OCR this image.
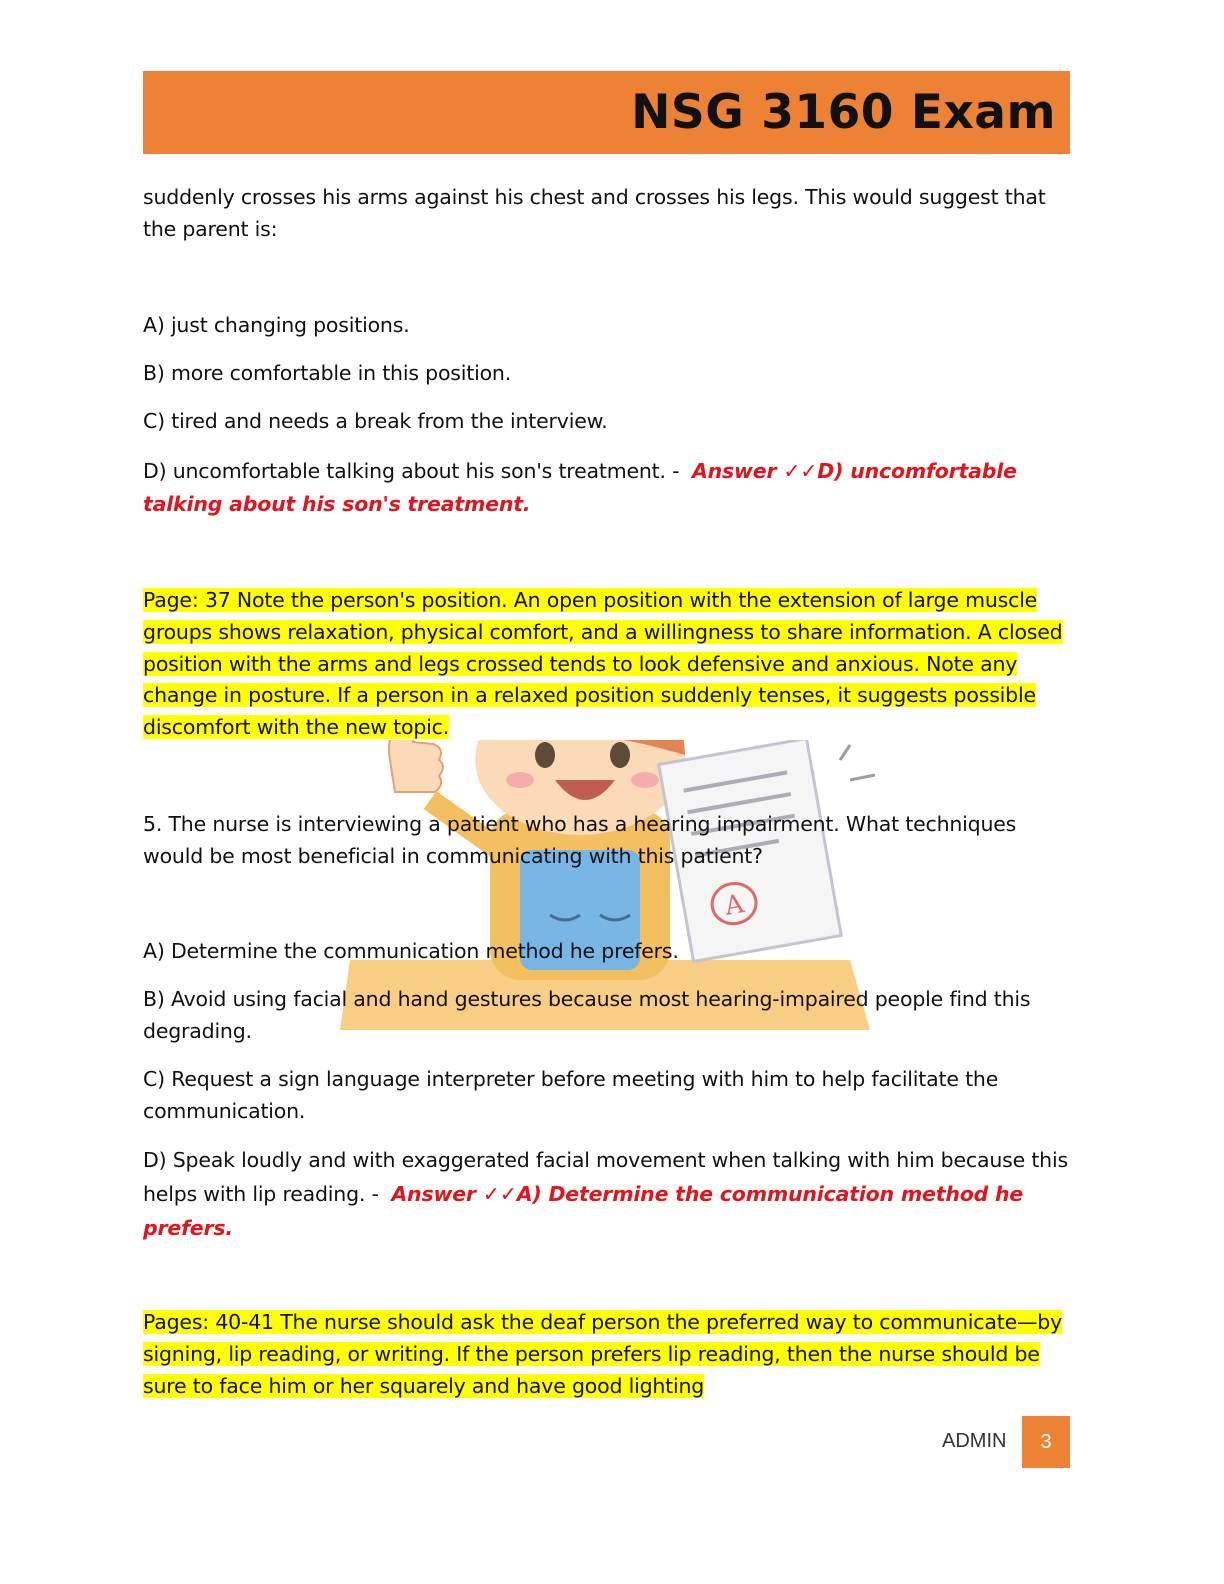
NSG 3160 Exam
A
suddenly crosses his arms against his chest and crosses his legs. This would suggest that the parent is:
A) just changing positions.
B) more comfortable in this position.
C) tired and needs a break from the interview.
D) uncomfortable talking about his son's treatment. - Answer ✓✓D) uncomfortable talking about his son's treatment.
Page: 37 Note the person's position. An open position with the extension of large muscle groups shows relaxation, physical comfort, and a willingness to share information. A closed position with the arms and legs crossed tends to look defensive and anxious. Note any change in posture. If a person in a relaxed position suddenly tenses, it suggests possible discomfort with the new topic.
5. The nurse is interviewing a patient who has a hearing impairment. What techniques would be most beneficial in communicating with this patient?
A) Determine the communication method he prefers.
B) Avoid using facial and hand gestures because most hearing-impaired people find this degrading.
C) Request a sign language interpreter before meeting with him to help facilitate the communication.
D) Speak loudly and with exaggerated facial movement when talking with him because this helps with lip reading. - Answer ✓✓A) Determine the communication method he prefers.
Pages: 40-41 The nurse should ask the deaf person the preferred way to communicate—by signing, lip reading, or writing. If the person prefers lip reading, then the nurse should be sure to face him or her squarely and have good lighting
ADMIN 3
